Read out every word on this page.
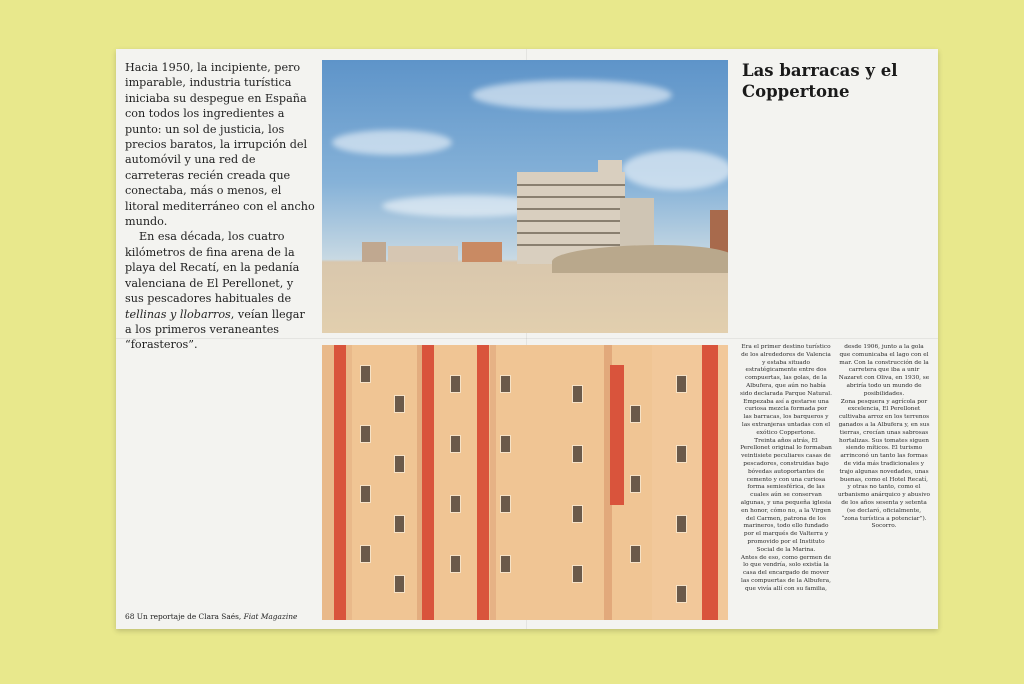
Hacia 1950, la incipiente, pero imparable, industria turística iniciaba su despegue en España con todos los ingredientes a punto: un sol de justicia, los precios baratos, la irrupción del automóvil y una red de carreteras recién creada que conectaba, más o menos, el litoral mediterráneo con el ancho mundo.

En esa década, los cuatro kilómetros de fina arena de la playa del Recatí, en la pedanía valenciana de El Perellonet, y sus pescadores habituales de tellinas y llobarros, veían llegar a los primeros veraneantes “forasteros”.

Las barracas y el Coppertone

Era el primer destino turístico de los alrededores de Valencia y estaba situado estratégicamente entre dos compuertas, las golas, de la Albufera, que aún no había sido declarada Parque Natural. Empezaba así a gestarse una curiosa mezcla formada por las barracas, los barqueros y las extranjeras untadas con el exótico Coppertone.

Treinta años atrás, El Perellonet original lo formaban veintisiete peculiares casas de pescadores, construidas bajo bóvedas autoportantes de cemento y con una curiosa forma semiesférica, de las cuales aún se conservan algunas, y una pequeña iglesia en honor, cómo no, a la Virgen del Carmen, patrona de los marineros, todo ello fundado por el marqués de Valterra y promovido por el Instituto Social de la Marina.

Antes de eso, como germen de lo que vendría, solo existía la casa del encargado de mover las compuertas de la Albufera, que vivía allí con su familia,

desde 1906, junto a la gola que comunicaba el lago con el mar. Con la construcción de la carretera que iba a unir Nazaret con Oliva, en 1930, se abriría todo un mundo de posibilidades.

Zona pesquera y agrícola por excelencia, El Perellonet cultivaba arroz en los terrenos ganados a la Albufera y, en sus tierras, crecían unas sabrosas hortalizas. Sus tomates siguen siendo míticos. El turismo arrinconó un tanto las formas de vida más tradicionales y trajo algunas novedades, unas buenas, como el Hotel Recatí, y otras no tanto, como el urbanismo anárquico y abusivo de los años sesenta y setenta (se declaró, oficialmente, “zona turística a potenciar”). Socorro.

68 Un reportaje de Clara Saés, Fiat Magazine
